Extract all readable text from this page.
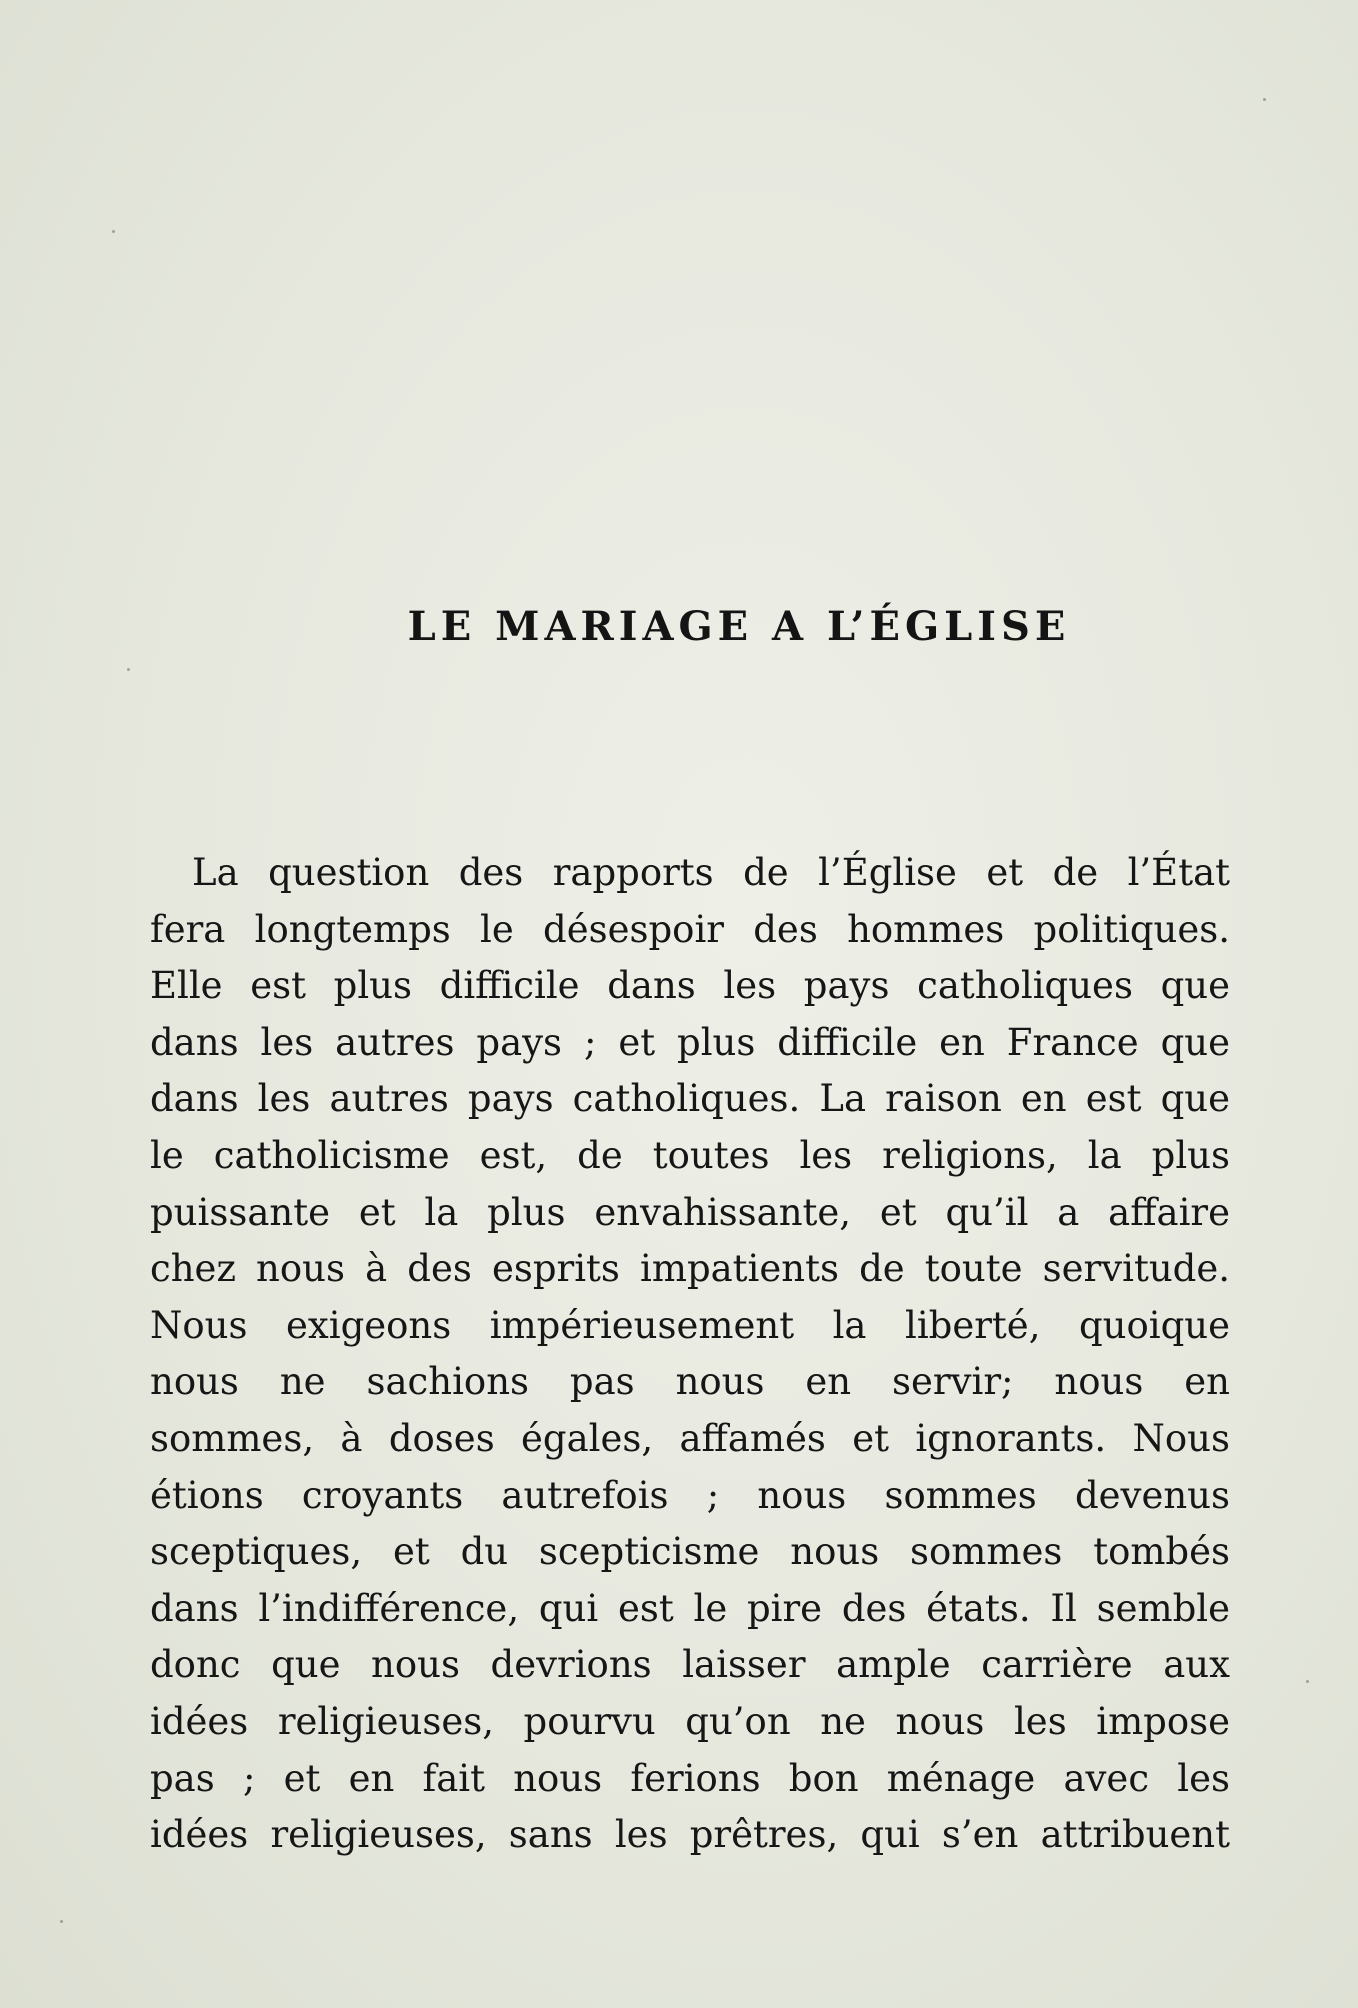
LE MARIAGE A L’ÉGLISE
La question des rapports de l’Église et de l’État
fera longtemps le désespoir des hommes politiques.
Elle est plus difficile dans les pays catholiques que
dans les autres pays ; et plus difficile en France que
dans les autres pays catholiques. La raison en est que
le catholicisme est, de toutes les religions, la plus
puissante et la plus envahissante, et qu’il a affaire
chez nous à des esprits impatients de toute servitude.
Nous exigeons impérieusement la liberté, quoique
nous ne sachions pas nous en servir; nous en
sommes, à doses égales, affamés et ignorants. Nous
étions croyants autrefois ; nous sommes devenus
sceptiques, et du scepticisme nous sommes tombés
dans l’indifférence, qui est le pire des états. Il semble
donc que nous devrions laisser ample carrière aux
idées religieuses, pourvu qu’on ne nous les impose
pas ; et en fait nous ferions bon ménage avec les
idées religieuses, sans les prêtres, qui s’en attribuent
